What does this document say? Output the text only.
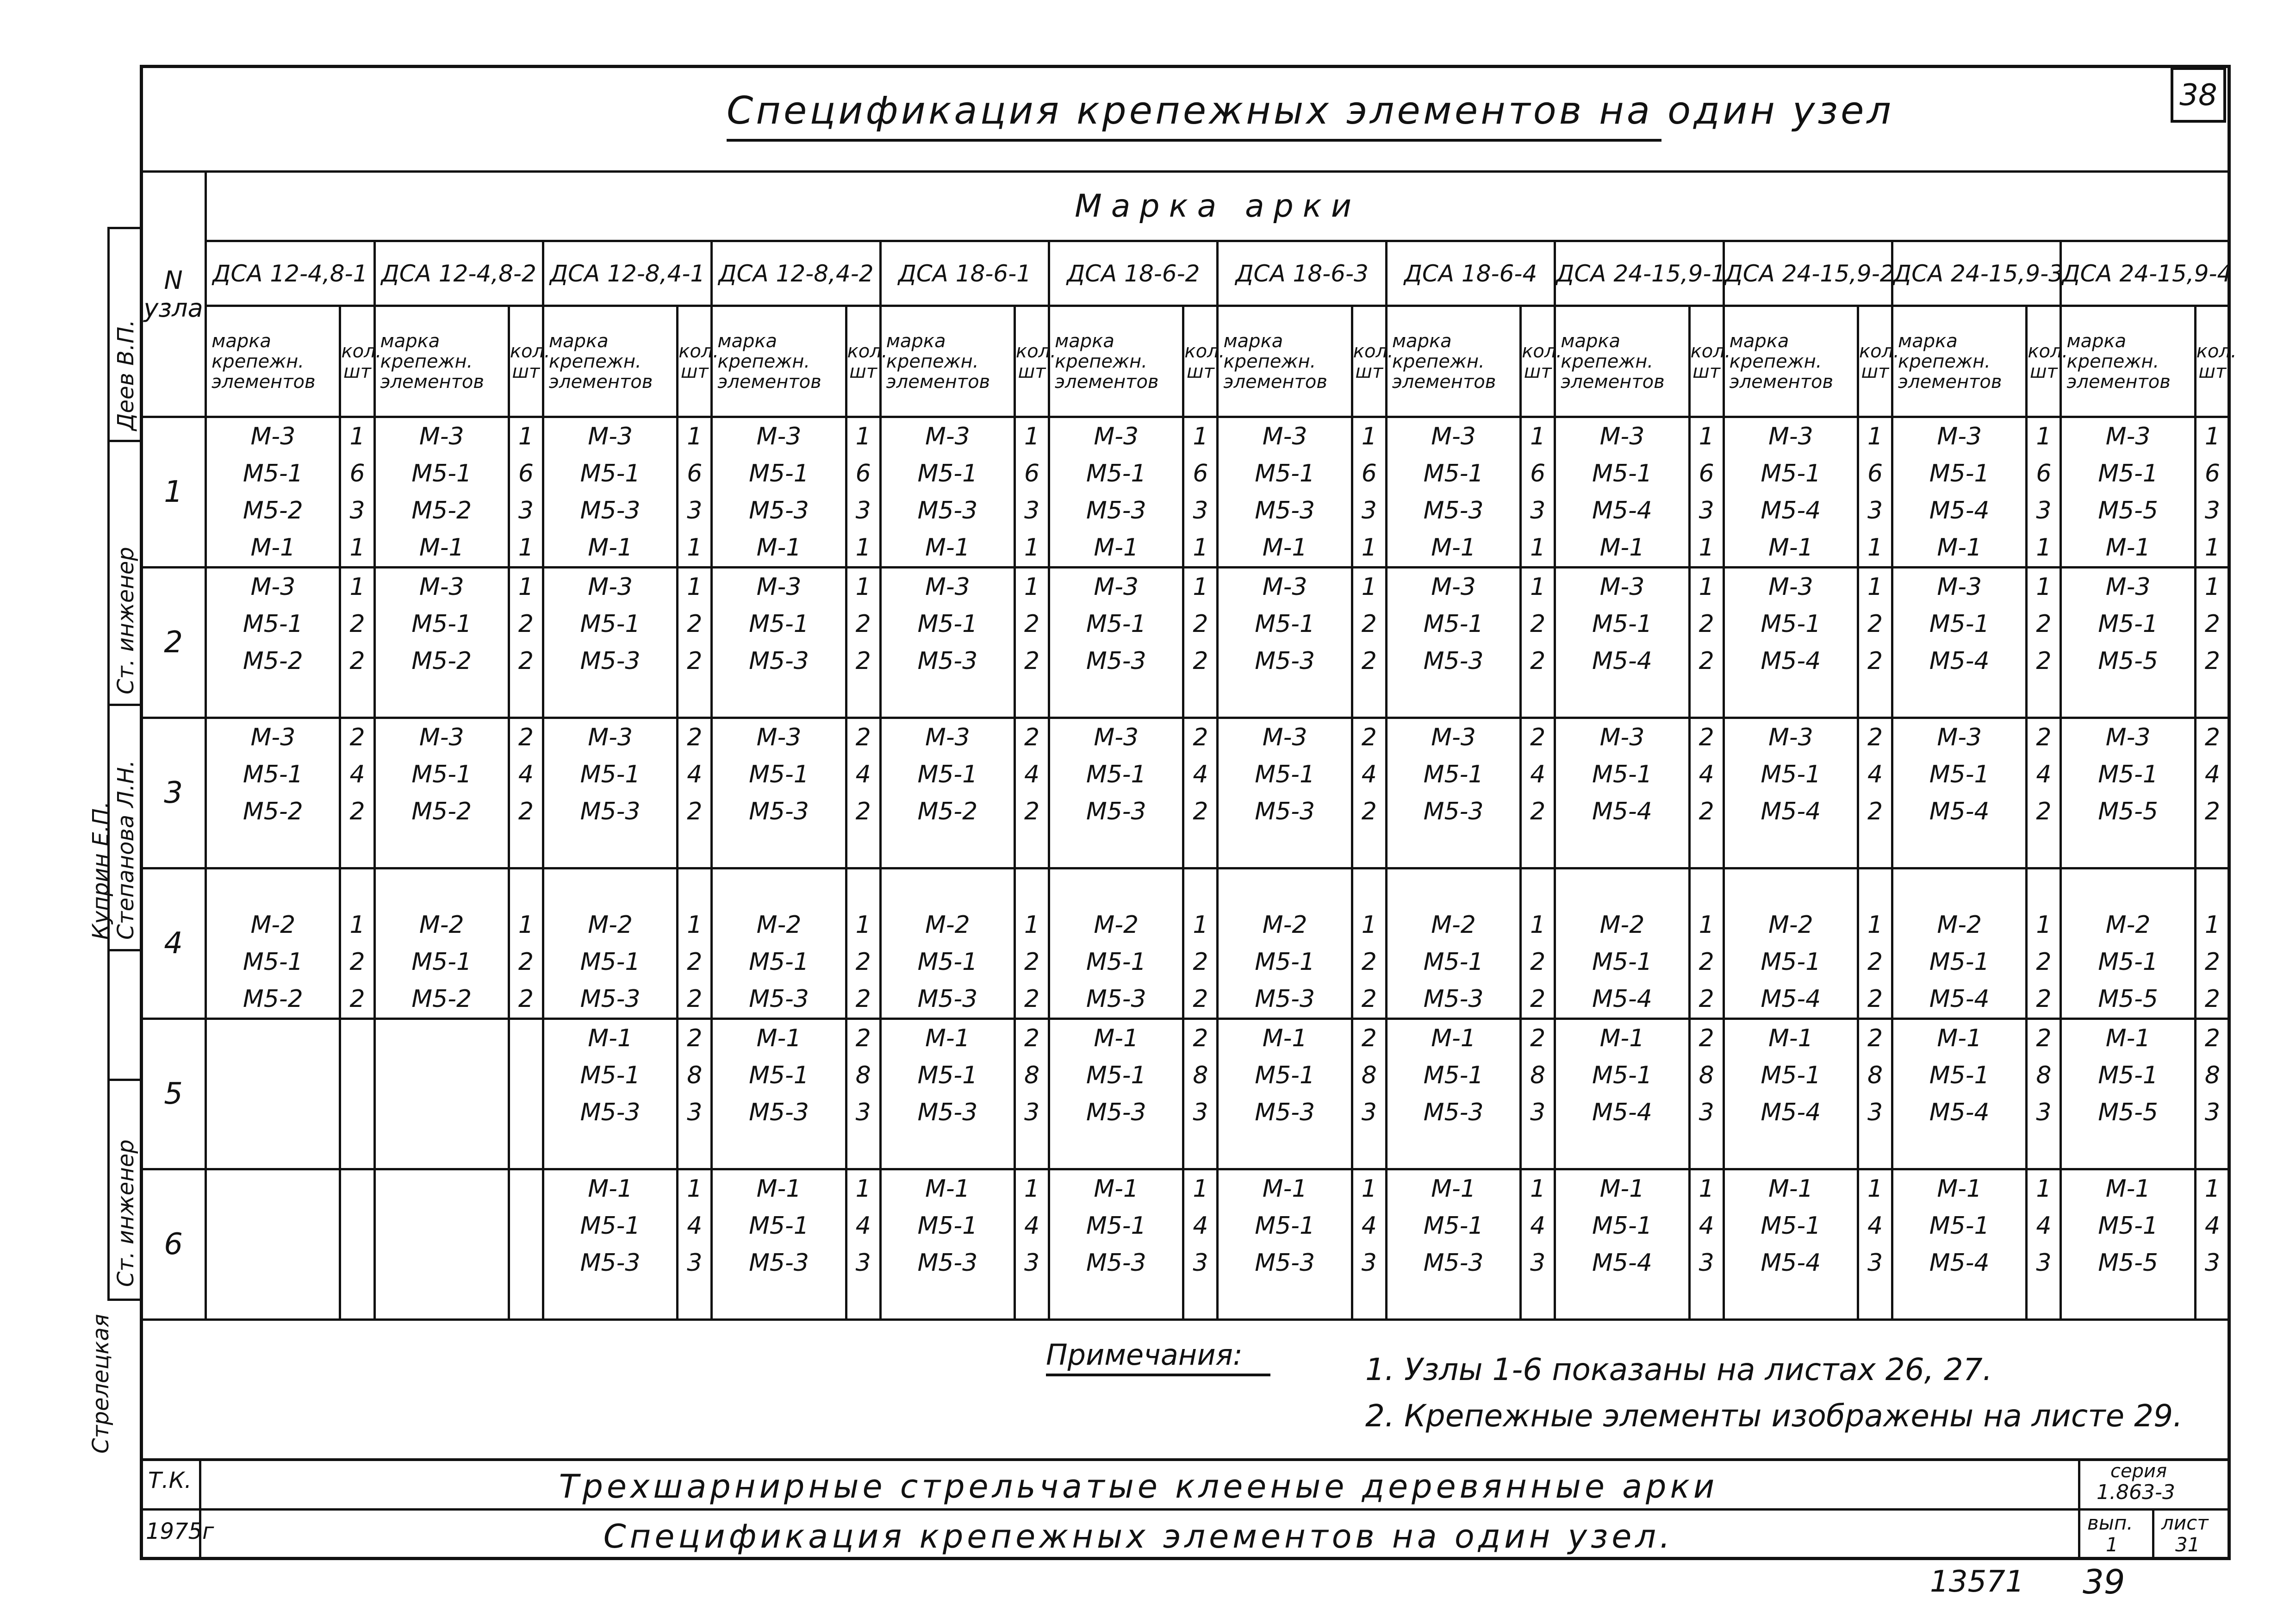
Деев В.П.
Ст. инженер
Куприн Е.П.
Степанова Л.Н.
Ст. инженер
Стрелецкая
38
Спецификация крепежных элементов на один узел
N
узла	Марка арки																							
	ДСА 12-4,8-1		ДСА 12-4,8-2		ДСА 12-8,4-1		ДСА 12-8,4-2		ДСА 18-6-1		ДСА 18-6-2		ДСА 18-6-3		ДСА 18-6-4		ДСА 24-15,9-1		ДСА 24-15,9-2		ДСА 24-15,9-3		ДСА 24-15,9-4	
	марка крепежн. элементов	кол. шт	марка крепежн. элементов	кол. шт	марка крепежн. элементов	кол. шт	марка крепежн. элементов	кол. шт	марка крепежн. элементов	кол. шт	марка крепежн. элементов	кол. шт	марка крепежн. элементов	кол. шт	марка крепежн. элементов	кол. шт	марка крепежн. элементов	кол. шт	марка крепежн. элементов	кол. шт	марка крепежн. элементов	кол. шт	марка крепежн. элементов	кол. шт
1	М-3	1	М-3	1	М-3	1	М-3	1	М-3	1	М-3	1	М-3	1	М-3	1	М-3	1	М-3	1	М-3	1	М-3	1
	М5-1	6	М5-1	6	М5-1	6	М5-1	6	М5-1	6	М5-1	6	М5-1	6	М5-1	6	М5-1	6	М5-1	6	М5-1	6	М5-1	6
	М5-2	3	М5-2	3	М5-3	3	М5-3	3	М5-3	3	М5-3	3	М5-3	3	М5-3	3	М5-4	3	М5-4	3	М5-4	3	М5-5	3
	М-1	1	М-1	1	М-1	1	М-1	1	М-1	1	М-1	1	М-1	1	М-1	1	М-1	1	М-1	1	М-1	1	М-1	1
2	М-3	1	М-3	1	М-3	1	М-3	1	М-3	1	М-3	1	М-3	1	М-3	1	М-3	1	М-3	1	М-3	1	М-3	1
	М5-1	2	М5-1	2	М5-1	2	М5-1	2	М5-1	2	М5-1	2	М5-1	2	М5-1	2	М5-1	2	М5-1	2	М5-1	2	М5-1	2
	М5-2	2	М5-2	2	М5-3	2	М5-3	2	М5-3	2	М5-3	2	М5-3	2	М5-3	2	М5-4	2	М5-4	2	М5-4	2	М5-5	2

3	М-3	2	М-3	2	М-3	2	М-3	2	М-3	2	М-3	2	М-3	2	М-3	2	М-3	2	М-3	2	М-3	2	М-3	2
	М5-1	4	М5-1	4	М5-1	4	М5-1	4	М5-1	4	М5-1	4	М5-1	4	М5-1	4	М5-1	4	М5-1	4	М5-1	4	М5-1	4
	М5-2	2	М5-2	2	М5-3	2	М5-3	2	М5-2	2	М5-3	2	М5-3	2	М5-3	2	М5-4	2	М5-4	2	М5-4	2	М5-5	2

4																								
	М-2	1	М-2	1	М-2	1	М-2	1	М-2	1	М-2	1	М-2	1	М-2	1	М-2	1	М-2	1	М-2	1	М-2	1
	М5-1	2	М5-1	2	М5-1	2	М5-1	2	М5-1	2	М5-1	2	М5-1	2	М5-1	2	М5-1	2	М5-1	2	М5-1	2	М5-1	2
	М5-2	2	М5-2	2	М5-3	2	М5-3	2	М5-3	2	М5-3	2	М5-3	2	М5-3	2	М5-4	2	М5-4	2	М5-4	2	М5-5	2
5					М-1	2	М-1	2	М-1	2	М-1	2	М-1	2	М-1	2	М-1	2	М-1	2	М-1	2	М-1	2
					М5-1	8	М5-1	8	М5-1	8	М5-1	8	М5-1	8	М5-1	8	М5-1	8	М5-1	8	М5-1	8	М5-1	8
					М5-3	3	М5-3	3	М5-3	3	М5-3	3	М5-3	3	М5-3	3	М5-4	3	М5-4	3	М5-4	3	М5-5	3

6					М-1	1	М-1	1	М-1	1	М-1	1	М-1	1	М-1	1	М-1	1	М-1	1	М-1	1	М-1	1
					М5-1	4	М5-1	4	М5-1	4	М5-1	4	М5-1	4	М5-1	4	М5-1	4	М5-1	4	М5-1	4	М5-1	4
					М5-3	3	М5-3	3	М5-3	3	М5-3	3	М5-3	3	М5-3	3	М5-4	3	М5-4	3	М5-4	3	М5-5	3

Примечания:	1. Узлы 1-6 показаны на листах 26, 27.
2. Крепежные элементы изображены на листе 29.
Т.К.
1975г
Трехшарнирные стрельчатые клееные деревянные арки
Спецификация крепежных элементов на один узел.
серия
1.863-3
вып.
1
лист
31
13571 39
